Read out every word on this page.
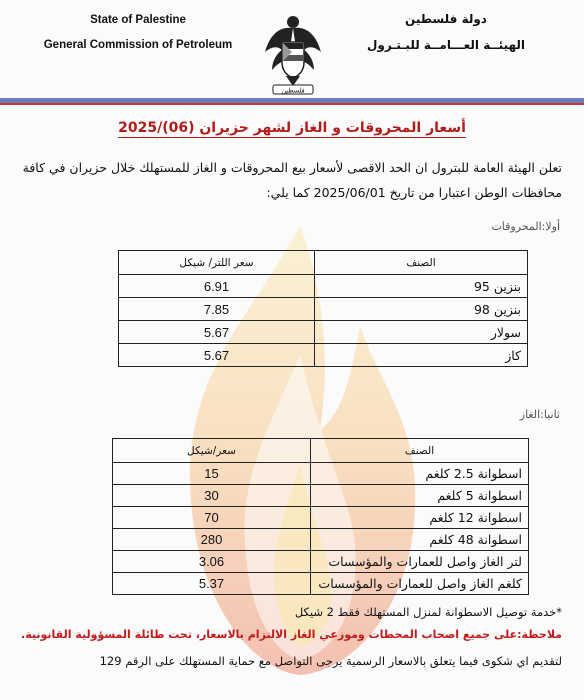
State of Palestine
General Commission of Petroleum
فلسطين
دولة فلسطين
الهيئــة العـــامــة للبـتـرول
أسعار المحروقات و الغاز لشهر حزيران (06)/2025
تعلن الهيئة العامة للبترول ان الحد الاقصى لأسعار بيع المحروقات و الغاز للمستهلك خلال حزيران في كافة
محافظات الوطن اعتبارا من تاريخ 2025/06/01 كما يلي:
أولا:المحروقات
الصنف	سعر اللتر/ شيكل
بنزين 95	6.91
بنزين 98	7.85
سولار	5.67
كاز	5.67
ثانيا:الغاز
الصنف	سعر/شيكل
اسطوانة 2.5 كلغم	15
اسطوانة 5 كلغم	30
اسطوانة 12 كلغم	70
اسطوانة 48 كلغم	280
لتر الغاز واصل للعمارات والمؤسسات	3.06
كلغم الغاز واصل للعمارات والمؤسسات	5.37
*خدمة توصيل الاسطوانة لمنزل المستهلك فقط 2 شيكل
ملاحظة:على جميع اصحاب المحطات وموزعي الغاز الالتزام بالاسعار، تحت طائلة المسؤولية القانونية.
لتقديم اي شكوى فيما يتعلق بالاسعار الرسمية يرجى التواصل مع حماية المستهلك على الرقم 129
